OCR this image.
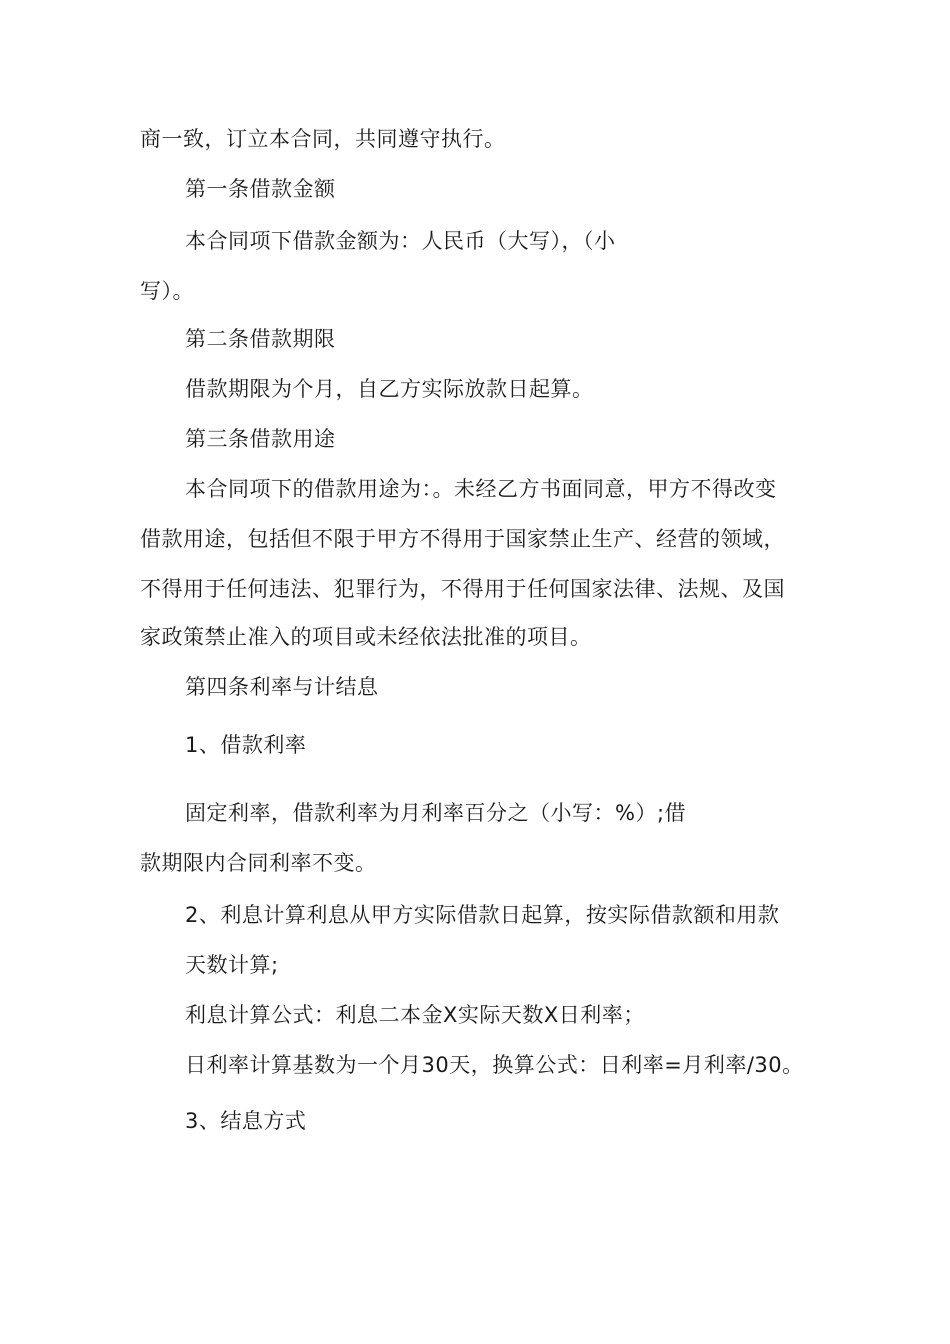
商一致，订立本合同，共同遵守执行。
第一条借款金额
本合同项下借款金额为：人民币（大写），（小
写）。
第二条借款期限
借款期限为个月，自乙方实际放款日起算。
第三条借款用途
本合同项下的借款用途为：。未经乙方书面同意，甲方不得改变
借款用途，包括但不限于甲方不得用于国家禁止生产、经营的领域，
不得用于任何违法、犯罪行为，不得用于任何国家法律、法规、及国
家政策禁止准入的项目或未经依法批准的项目。
第四条利率与计结息
1、借款利率
固定利率，借款利率为月利率百分之（小写：%）;借
款期限内合同利率不变。
2、利息计算利息从甲方实际借款日起算，按实际借款额和用款
天数计算;
利息计算公式：利息二本金X实际天数X日利率；
日利率计算基数为一个月30天，换算公式：日利率=月利率/30。
3、结息方式
